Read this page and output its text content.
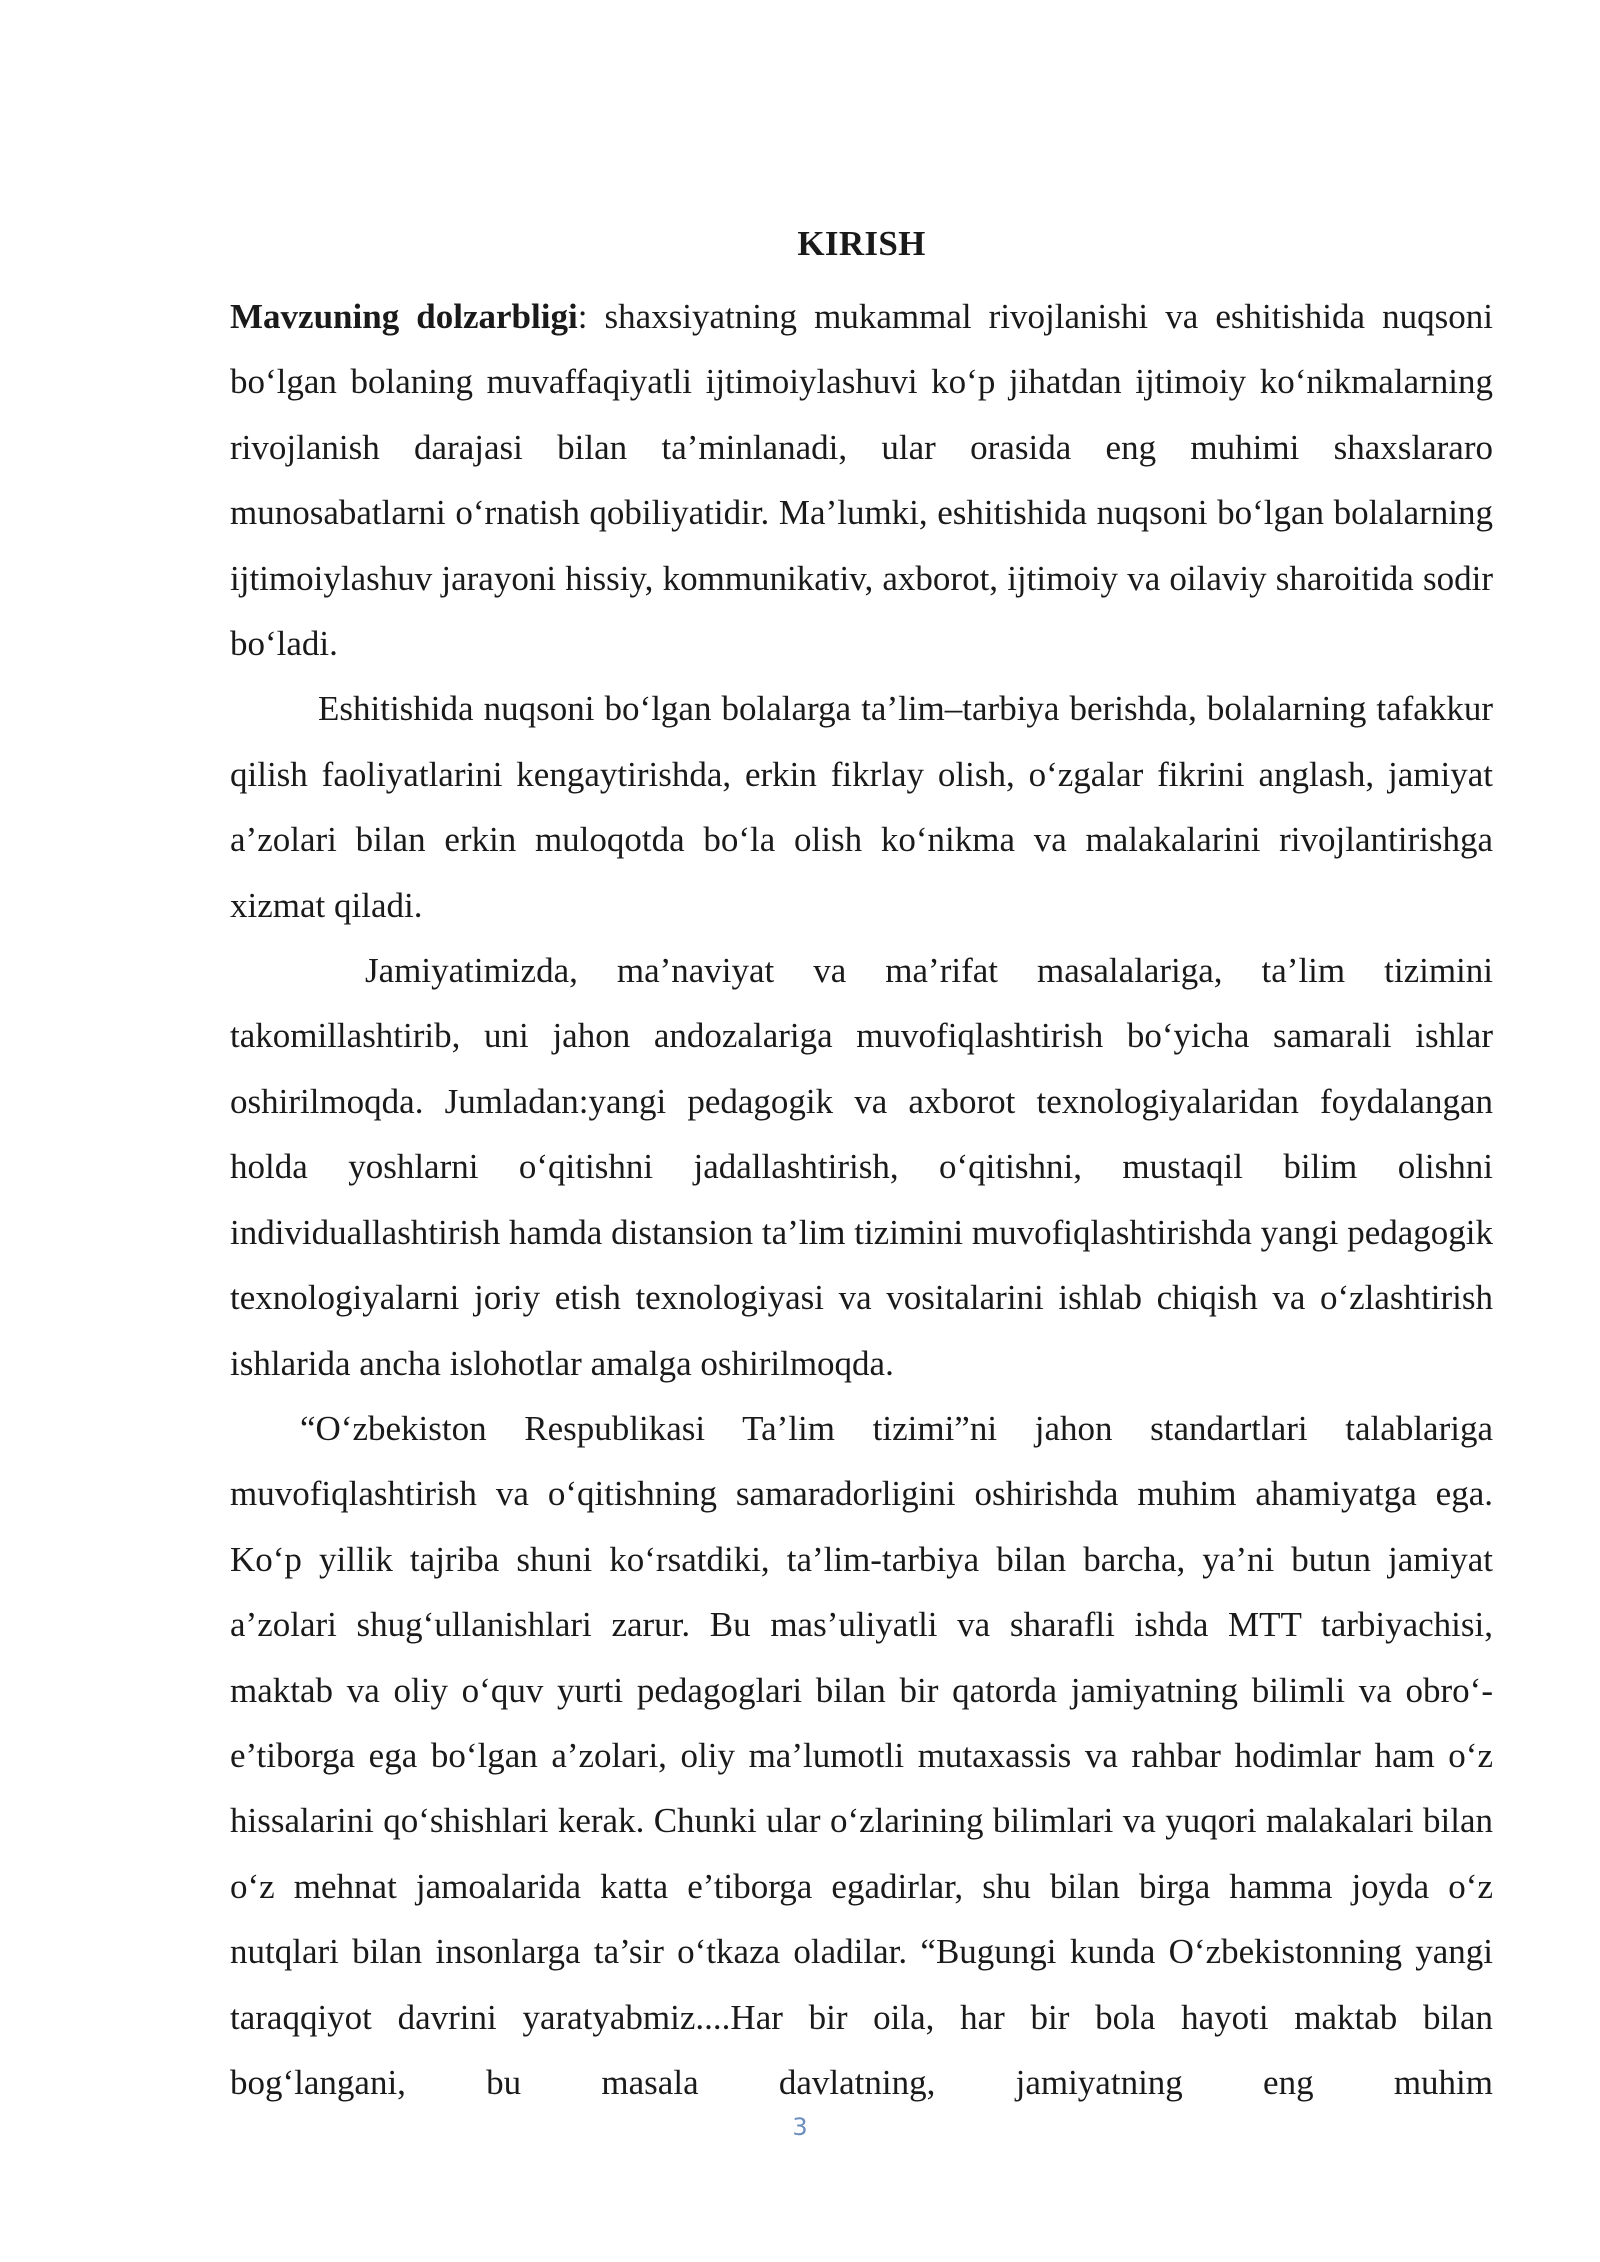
KIRISH

Mavzuning dolzarbligi: shaxsiyatning mukammal rivojlanishi va eshitishida nuqsoni bo‘lgan bolaning muvaffaqiyatli ijtimoiylashuvi ko‘p jihatdan ijtimoiy ko‘nikmalarning rivojlanish darajasi bilan ta’minlanadi, ular orasida eng muhimi shaxslararo munosabatlarni o‘rnatish qobiliyatidir. Ma’lumki, eshitishida nuqsoni bo‘lgan bolalarning ijtimoiylashuv jarayoni hissiy, kommunikativ, axborot, ijtimoiy va oilaviy sharoitida sodir bo‘ladi.

Eshitishida nuqsoni bo‘lgan bolalarga ta’lim–tarbiya berishda, bolalarning tafakkur qilish faoliyatlarini kengaytirishda, erkin fikrlay olish, o‘zgalar fikrini anglash, jamiyat a’zolari bilan erkin muloqotda bo‘la olish ko‘nikma va malakalarini rivojlantirishga xizmat qiladi.

Jamiyatimizda, ma’naviyat va ma’rifat masalalariga, ta’lim tizimini takomillashtirib, uni jahon andozalariga muvofiqlashtirish bo‘yicha samarali ishlar oshirilmoqda. Jumladan:yangi pedagogik va axborot texnologiyalaridan foydalangan holda yoshlarni o‘qitishni jadallashtirish, o‘qitishni, mustaqil bilim olishni individuallashtirish hamda distansion ta’lim tizimini muvofiqlashtirishda yangi pedagogik texnologiyalarni joriy etish texnologiyasi va vositalarini ishlab chiqish va o‘zlashtirish ishlarida ancha islohotlar amalga oshirilmoqda.

“O‘zbekiston Respublikasi Ta’lim tizimi”ni jahon standartlari talablariga muvofiqlashtirish va o‘qitishning samaradorligini oshirishda muhim ahamiyatga ega. Ko‘p yillik tajriba shuni ko‘rsatdiki, ta’lim-tarbiya bilan barcha, ya’ni butun jamiyat a’zolari shug‘ullanishlari zarur. Bu mas’uliyatli va sharafli ishda MTT tarbiyachisi, maktab va oliy o‘quv yurti pedagoglari bilan bir qatorda jamiyatning bilimli va obro‘-e’tiborga ega bo‘lgan a’zolari, oliy ma’lumotli mutaxassis va rahbar hodimlar ham o‘z hissalarini qo‘shishlari kerak. Chunki ular o‘zlarining bilimlari va yuqori malakalari bilan o‘z mehnat jamoalarida katta e’tiborga egadirlar, shu bilan birga hamma joyda o‘z nutqlari bilan insonlarga ta’sir o‘tkaza oladilar. “Bugungi kunda O‘zbekistonning yangi taraqqiyot davrini yaratyabmiz....Har bir oila, har bir bola hayoti maktab bilan bog‘langani, bu masala davlatning, jamiyatning eng muhim

3
